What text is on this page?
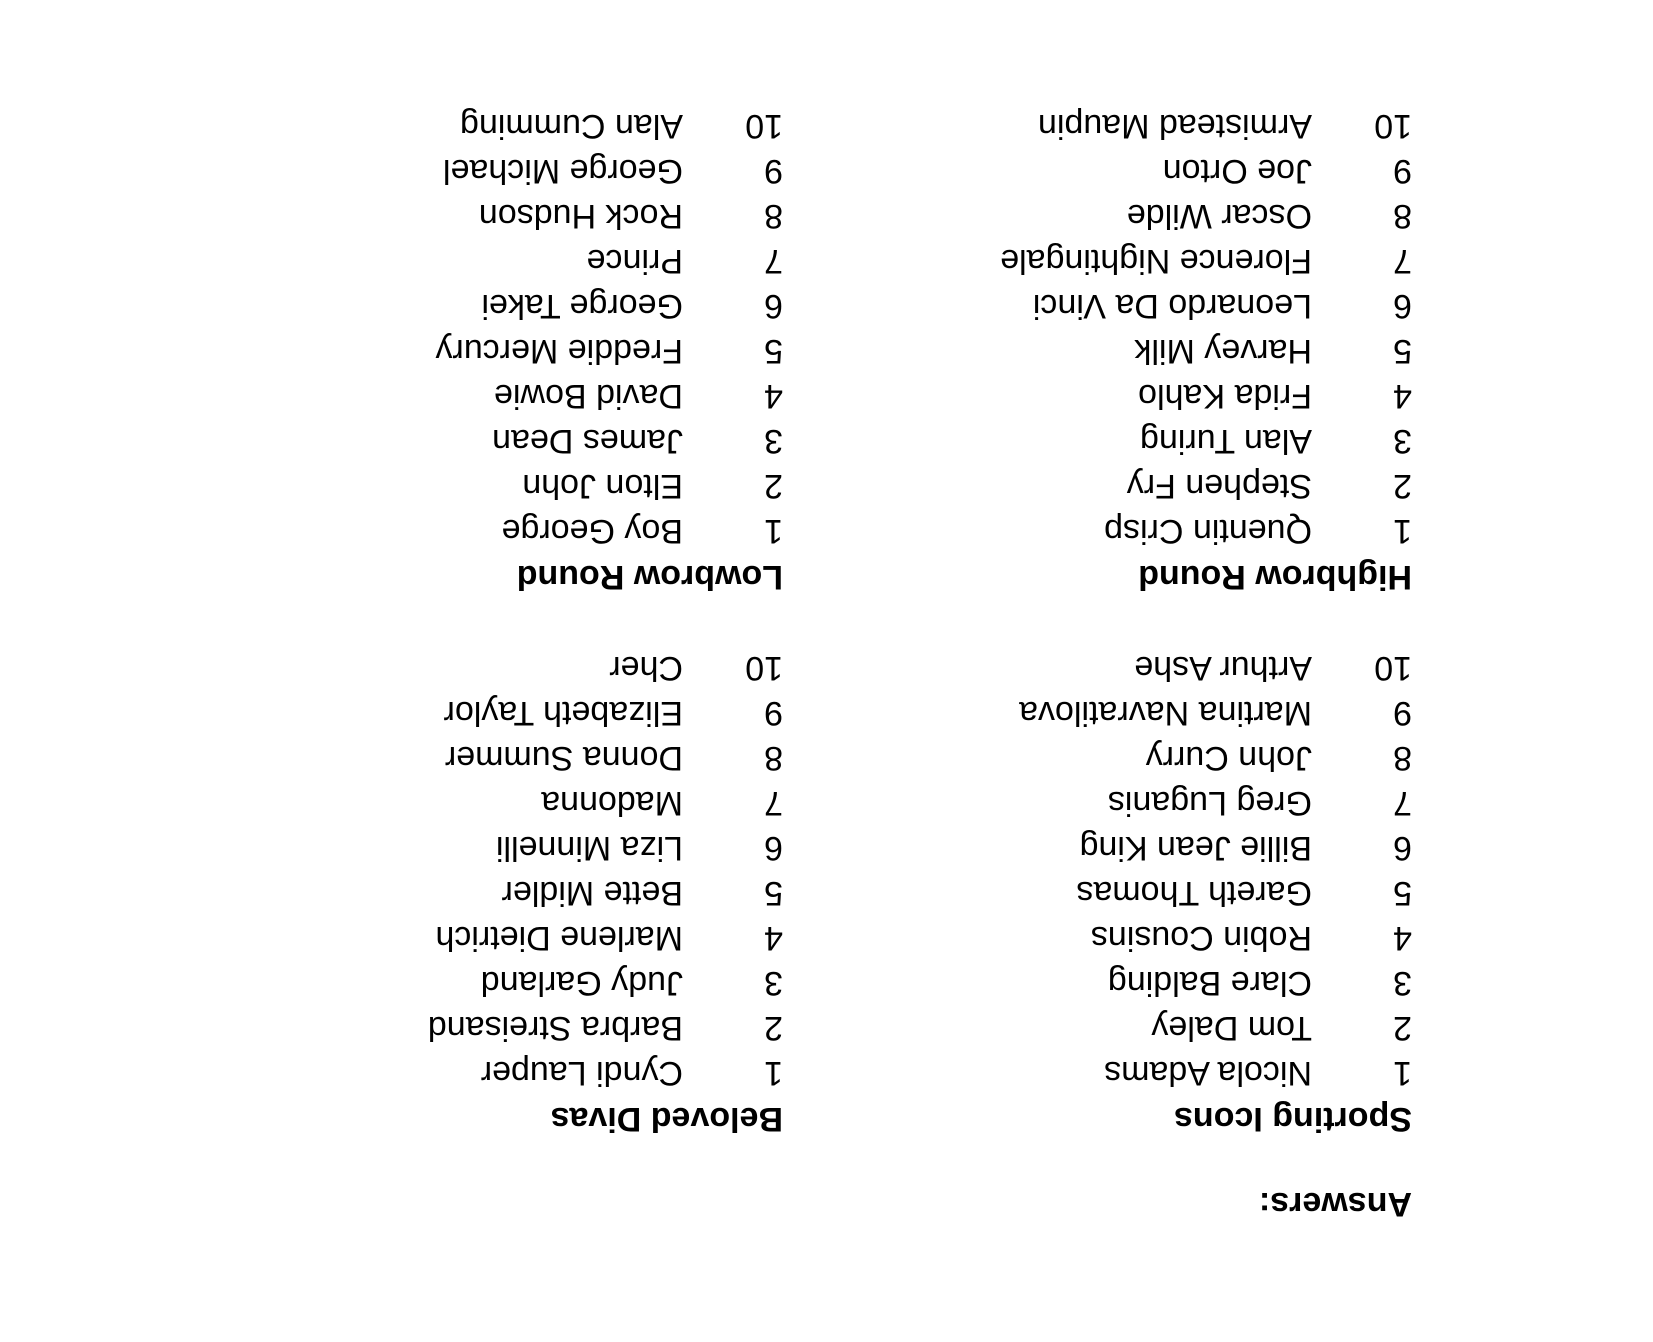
Answers:
Sporting Icons
1
Nicola Adams
2
Tom Daley
3
Clare Balding
4
Robin Cousins
5
Gareth Thomas
6
Billie Jean King
7
Greg Luganis
8
John Curry
9
Martina Navratilova
10
Arthur Ashe
Beloved Divas
1
Cyndi Lauper
2
Barbra Streisand
3
Judy Garland
4
Marlene Dietrich
5
Bette Midler
6
Liza Minnelli
7
Madonna
8
Donna Summer
9
Elizabeth Taylor
10
Cher
Highbrow Round
1
Quentin Crisp
2
Stephen Fry
3
Alan Turing
4
Frida Kahlo
5
Harvey Milk
6
Leonardo Da Vinci
7
Florence Nightingale
8
Oscar Wilde
9
Joe Orton
10
Armistead Maupin
Lowbrow Round
1
Boy George
2
Elton John
3
James Dean
4
David Bowie
5
Freddie Mercury
6
George Takei
7
Prince
8
Rock Hudson
9
George Michael
10
Alan Cumming
